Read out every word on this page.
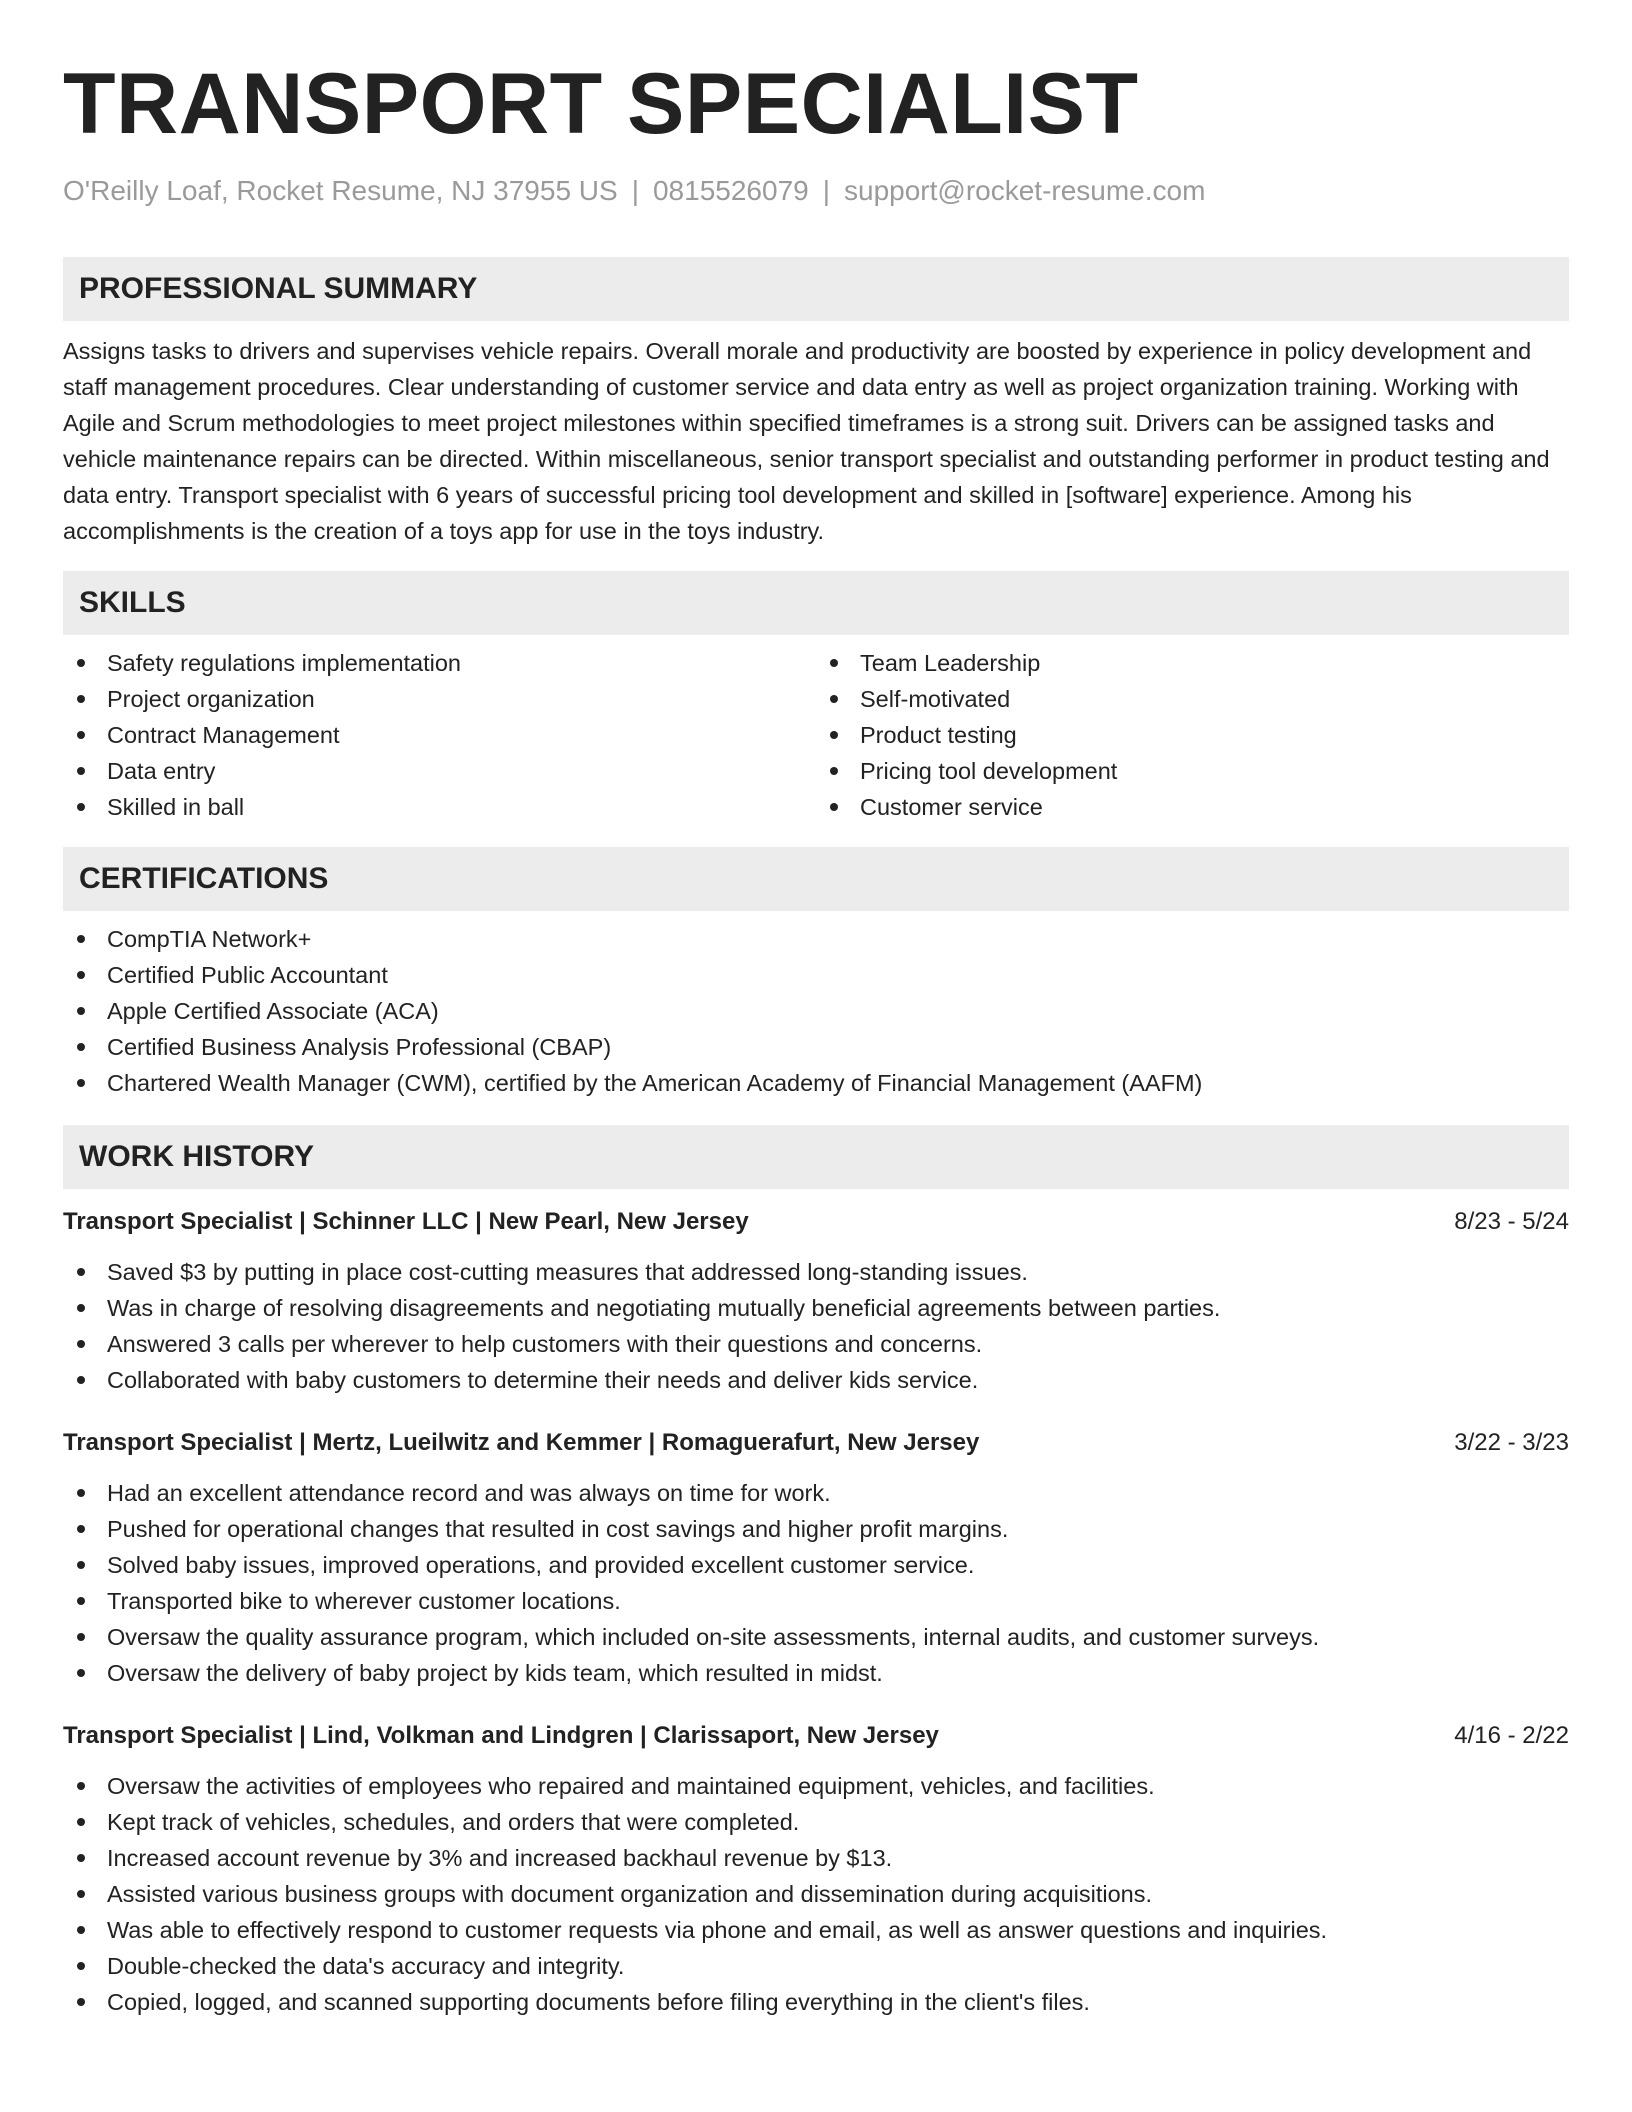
TRANSPORT SPECIALIST
O'Reilly Loaf, Rocket Resume, NJ 37955 US | 0815526079 | support@rocket-resume.com
PROFESSIONAL SUMMARY

Assigns tasks to drivers and supervises vehicle repairs. Overall morale and productivity are boosted by experience in policy development and staff management procedures. Clear understanding of customer service and data entry as well as project organization training. Working with Agile and Scrum methodologies to meet project milestones within specified timeframes is a strong suit. Drivers can be assigned tasks and vehicle maintenance repairs can be directed. Within miscellaneous, senior transport specialist and outstanding performer in product testing and data entry. Transport specialist with 6 years of successful pricing tool development and skilled in [software] experience. Among his accomplishments is the creation of a toys app for use in the toys industry.

SKILLS
Safety regulations implementation
Project organization
Contract Management
Data entry
Skilled in ball
Team Leadership
Self-motivated
Product testing
Pricing tool development
Customer service
CERTIFICATIONS
CompTIA Network+
Certified Public Accountant
Apple Certified Associate (ACA)
Certified Business Analysis Professional (CBAP)
Chartered Wealth Manager (CWM), certified by the American Academy of Financial Management (AAFM)
WORK HISTORY
Transport Specialist | Schinner LLC | New Pearl, New Jersey	8/23 - 5/24
Saved $3 by putting in place cost-cutting measures that addressed long-standing issues.
Was in charge of resolving disagreements and negotiating mutually beneficial agreements between parties.
Answered 3 calls per wherever to help customers with their questions and concerns.
Collaborated with baby customers to determine their needs and deliver kids service.
Transport Specialist | Mertz, Lueilwitz and Kemmer | Romaguerafurt, New Jersey	3/22 - 3/23
Had an excellent attendance record and was always on time for work.
Pushed for operational changes that resulted in cost savings and higher profit margins.
Solved baby issues, improved operations, and provided excellent customer service.
Transported bike to wherever customer locations.
Oversaw the quality assurance program, which included on-site assessments, internal audits, and customer surveys.
Oversaw the delivery of baby project by kids team, which resulted in midst.
Transport Specialist | Lind, Volkman and Lindgren | Clarissaport, New Jersey	4/16 - 2/22
Oversaw the activities of employees who repaired and maintained equipment, vehicles, and facilities.
Kept track of vehicles, schedules, and orders that were completed.
Increased account revenue by 3% and increased backhaul revenue by $13.
Assisted various business groups with document organization and dissemination during acquisitions.
Was able to effectively respond to customer requests via phone and email, as well as answer questions and inquiries.
Double-checked the data's accuracy and integrity.
Copied, logged, and scanned supporting documents before filing everything in the client's files.
